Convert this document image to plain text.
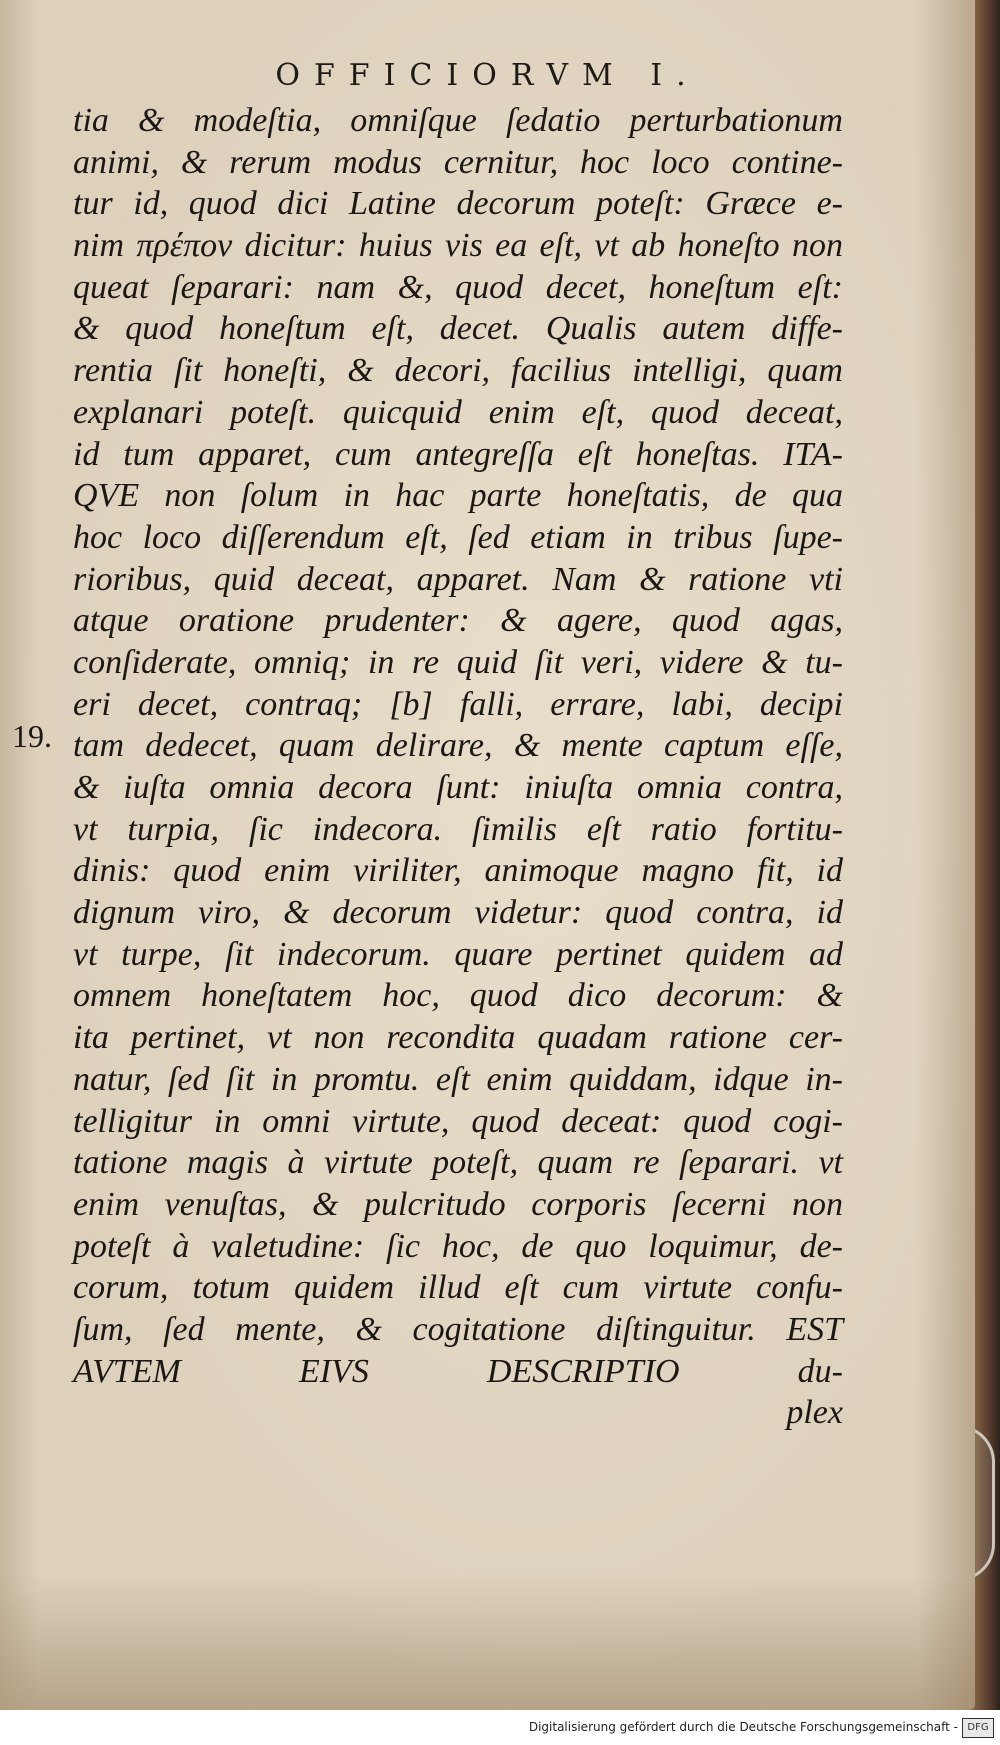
OFFICIORVM I.
19.
tia & modeſtia, omniſque ſedatio perturbationum
animi, & rerum modus cernitur, hoc loco contine-
tur id, quod dici Latine decorum poteſt: Græce e-
nim πρέπον dicitur: huius vis ea eſt, vt ab honeſto non
queat ſeparari: nam &, quod decet, honeſtum eſt:
& quod honeſtum eſt, decet. Qualis autem diffe-
rentia ſit honeſti, & decori, facilius intelligi, quam
explanari poteſt. quicquid enim eſt, quod deceat,
id tum apparet, cum antegreſſa eſt honeſtas. ITA-
QVE non ſolum in hac parte honeſtatis, de qua
hoc loco diſſerendum eſt, ſed etiam in tribus ſupe-
rioribus, quid deceat, apparet. Nam & ratione vti
atque oratione prudenter: & agere, quod agas,
conſiderate, omniq; in re quid ſit veri, videre & tu-
eri decet, contraq; [b] falli, errare, labi, decipi
tam dedecet, quam delirare, & mente captum eſſe,
& iuſta omnia decora ſunt: iniuſta omnia contra,
vt turpia, ſic indecora. ſimilis eſt ratio fortitu-
dinis: quod enim viriliter, animoque magno fit, id
dignum viro, & decorum videtur: quod contra, id
vt turpe, ſit indecorum. quare pertinet quidem ad
omnem honeſtatem hoc, quod dico decorum: &
ita pertinet, vt non recondita quadam ratione cer-
natur, ſed ſit in promtu. eſt enim quiddam, idque in-
telligitur in omni virtute, quod deceat: quod cogi-
tatione magis à virtute poteſt, quam re ſeparari. vt
enim venuſtas, & pulcritudo corporis ſecerni non
poteſt à valetudine: ſic hoc, de quo loquimur, de-
corum, totum quidem illud eſt cum virtute confu-
ſum, ſed mente, & cogitatione diſtinguitur. EST
AVTEM EIVS DESCRIPTIO du-
plex
Digitalisierung gefördert durch die Deutsche Forschungsgemeinschaft - DFG
